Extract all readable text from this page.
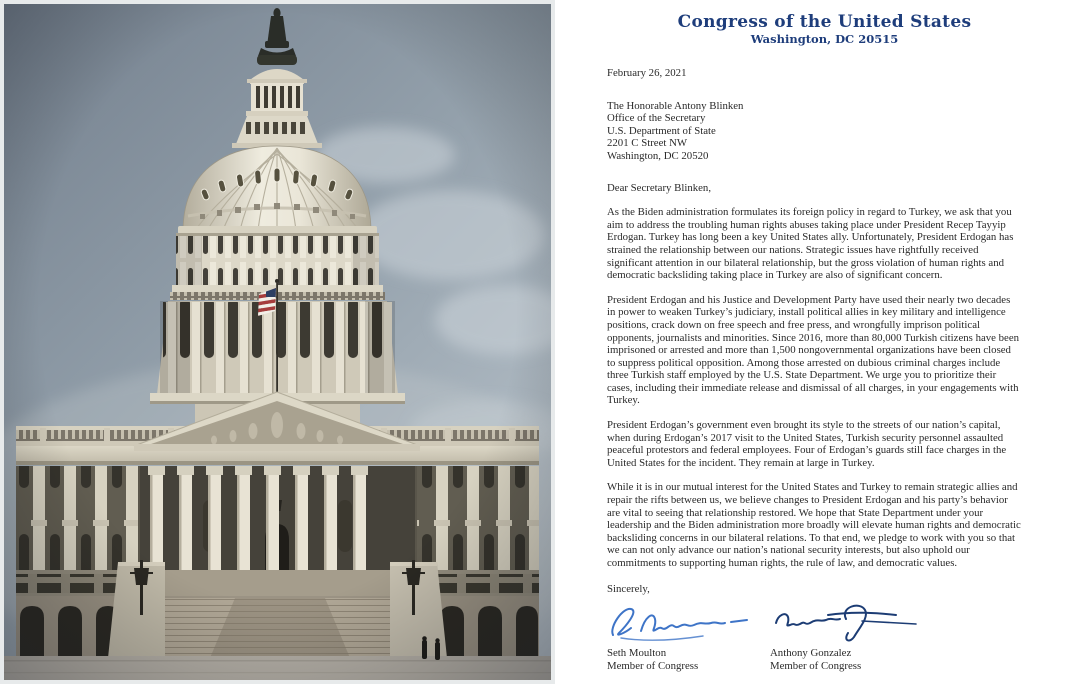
Congress of the United States
Washington, DC 20515
February 26, 2021
The Honorable Antony Blinken
Office of the Secretary
U.S. Department of State
2201 C Street NW
Washington, DC 20520
Dear Secretary Blinken,

As the Biden administration formulates its foreign policy in regard to Turkey, we ask that you aim to address the troubling human rights abuses taking place under President Recep Tayyip Erdogan. Turkey has long been a key United States ally. Unfortunately, President Erdogan has strained the relationship between our nations. Strategic issues have rightfully received significant attention in our bilateral relationship, but the gross violation of human rights and democratic backsliding taking place in Turkey are also of significant concern.

President Erdogan and his Justice and Development Party have used their nearly two decades in power to weaken Turkey’s judiciary, install political allies in key military and intelligence positions, crack down on free speech and free press, and wrongfully imprison political opponents, journalists and minorities. Since 2016, more than 80,000 Turkish citizens have been imprisoned or arrested and more than 1,500 nongovernmental organizations have been closed to suppress political opposition. Among those arrested on dubious criminal charges include three Turkish staff employed by the U.S. State Department. We urge you to prioritize their cases, including their immediate release and dismissal of all charges, in your engagements with Turkey.

President Erdogan’s government even brought its style to the streets of our nation’s capital, when during Erdogan’s 2017 visit to the United States, Turkish security personnel assaulted peaceful protestors and federal employees. Four of Erdogan’s guards still face charges in the United States for the incident. They remain at large in Turkey.

While it is in our mutual interest for the United States and Turkey to remain strategic allies and repair the rifts between us, we believe changes to President Erdogan and his party’s behavior are vital to seeing that relationship restored. We hope that State Department under your leadership and the Biden administration more broadly will elevate human rights and democratic backsliding concerns in our bilateral relations. To that end, we pledge to work with you so that we can not only advance our nation’s national security interests, but also uphold our commitments to supporting human rights, the rule of law, and democratic values.

Sincerely,
Seth Moulton
Member of Congress
Anthony Gonzalez
Member of Congress
